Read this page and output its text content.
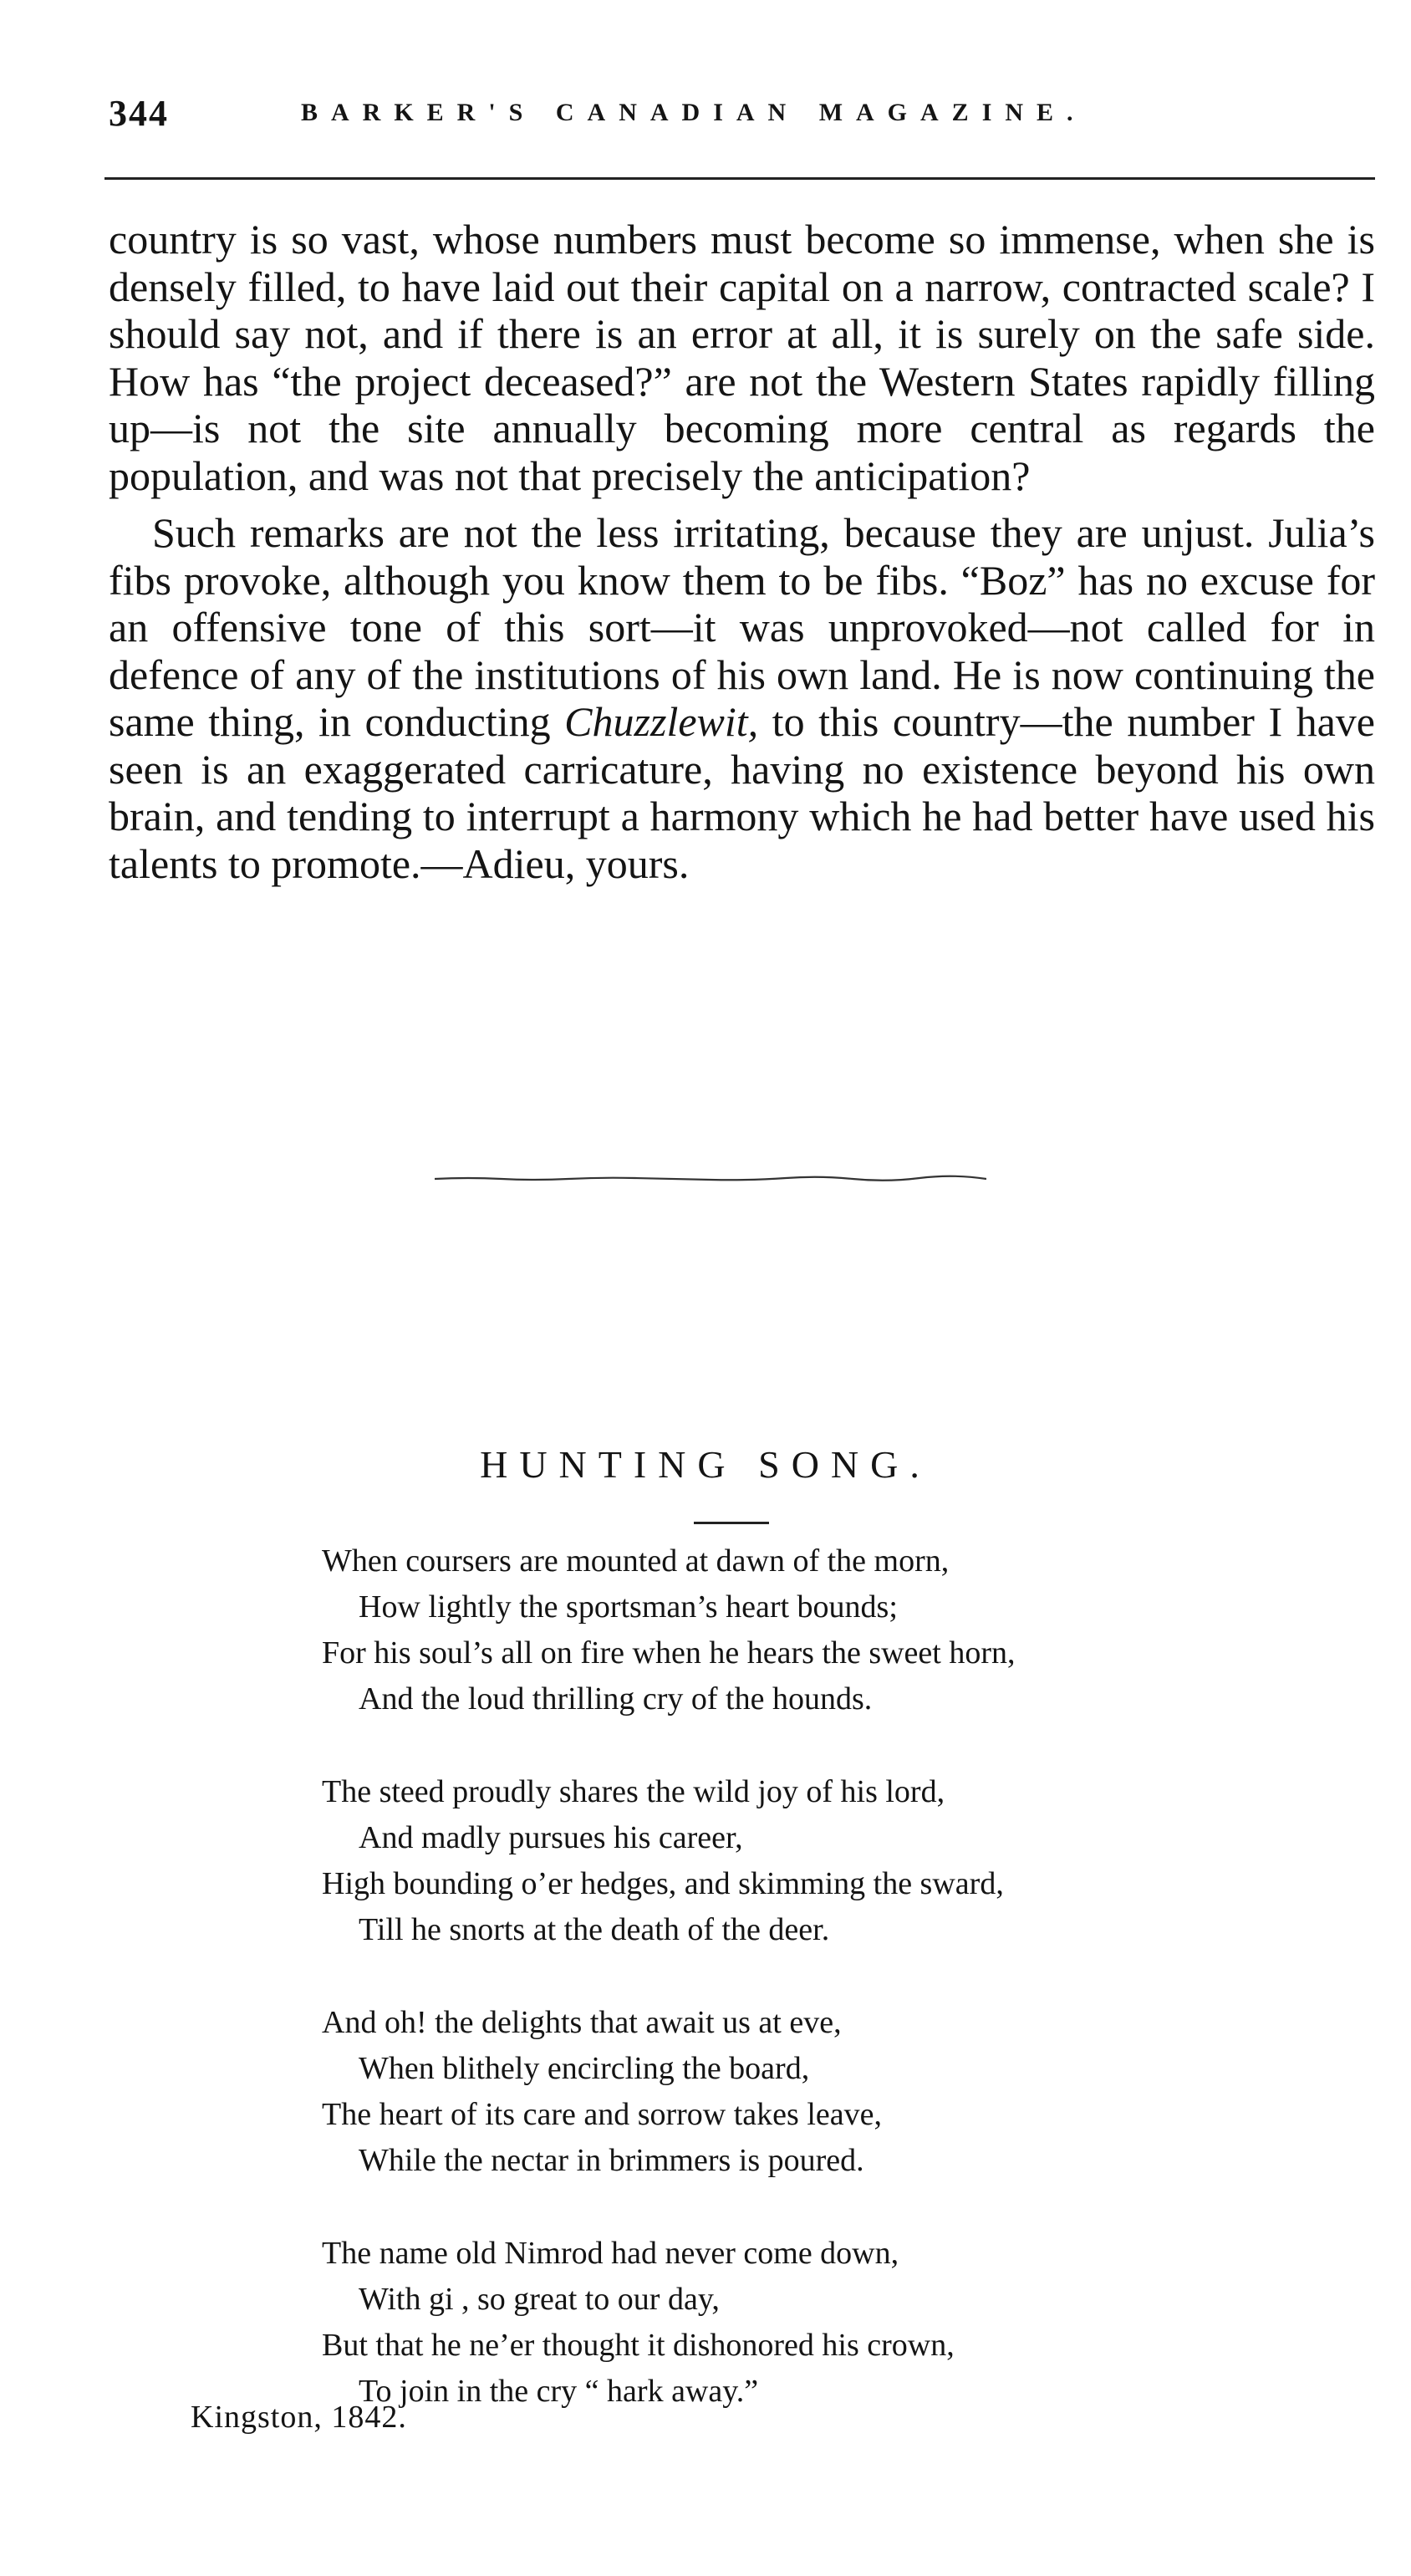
344	BARKER'S CANADIAN MAGAZINE.

country is so vast, whose numbers must become so immense, when she is densely filled, to have laid out their capital on a narrow, contracted scale? I should say not, and if there is an error at all, it is surely on the safe side. How has “the project deceased?” are not the Western States rapidly filling up—is not the site annually becoming more central as regards the population, and was not that precisely the anticipation?

Such remarks are not the less irritating, because they are unjust. Julia’s fibs provoke, although you know them to be fibs. “Boz” has no excuse for an offensive tone of this sort—it was unprovoked—not called for in defence of any of the institutions of his own land. He is now continuing the same thing, in conducting Chuzzlewit, to this country—the number I have seen is an exaggerated carricature, having no existence beyond his own brain, and tending to interrupt a harmony which he had better have used his talents to promote.—Adieu, yours.

HUNTING SONG.
When coursers are mounted at dawn of the morn,
How lightly the sportsman’s heart bounds;
For his soul’s all on fire when he hears the sweet horn,
And the loud thrilling cry of the hounds.
The steed proudly shares the wild joy of his lord,
And madly pursues his career,
High bounding o’er hedges, and skimming the sward,
Till he snorts at the death of the deer.
And oh! the delights that await us at eve,
When blithely encircling the board,
The heart of its care and sorrow takes leave,
While the nectar in brimmers is poured.
The name old Nimrod had never come down,
With gi , so great to our day,
But that he ne’er thought it dishonored his crown,
To join in the cry “ hark away.”
Kingston, 1842.
